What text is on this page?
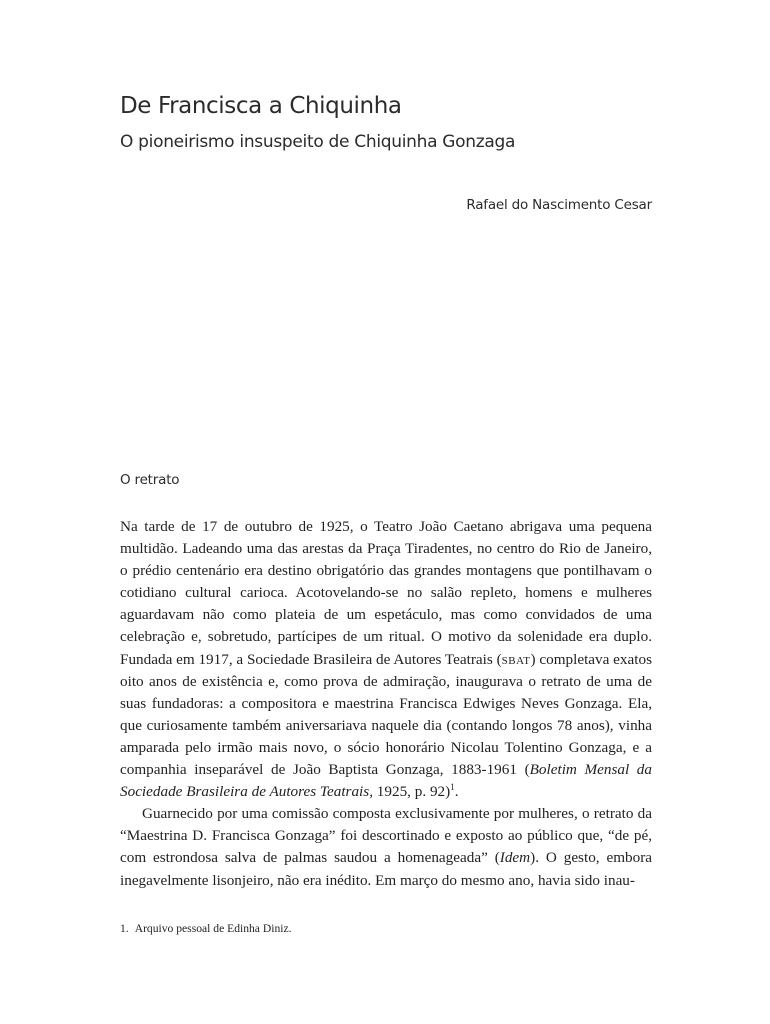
De Francisca a Chiquinha
O pioneirismo insuspeito de Chiquinha Gonzaga
Rafael do Nascimento Cesar
O retrato

Na tarde de 17 de outubro de 1925, o Teatro João Caetano abrigava uma pequena multidão. Ladeando uma das arestas da Praça Tiradentes, no centro do Rio de Janeiro, o prédio centenário era destino obrigatório das grandes montagens que pontilhavam o cotidiano cultural carioca. Acotovelando-se no salão repleto, homens e mulheres aguardavam não como plateia de um espetáculo, mas como convidados de uma celebração e, sobretudo, partícipes de um ritual. O motivo da solenidade era duplo. Fundada em 1917, a Sociedade Brasileira de Autores Teatrais (sbat) completava exatos oito anos de existência e, como prova de admiração, inaugurava o retrato de uma de suas fundadoras: a compositora e maestrina Francisca Edwiges Neves Gonzaga. Ela, que curiosamente também aniversariava naquele dia (contando longos 78 anos), vinha amparada pelo irmão mais novo, o sócio honorário Nicolau Tolentino Gonzaga, e a companhia inseparável de João Baptista Gonzaga, 1883-1961 (Boletim Mensal da Sociedade Brasileira de Autores Teatrais, 1925, p. 92)$^1$.

Guarnecido por uma comissão composta exclusivamente por mulheres, o retrato da “Maestrina D. Francisca Gonzaga” foi descortinado e exposto ao público que, “de pé, com estrondosa salva de palmas saudou a homenageada” (Idem). O gesto, embora inegavelmente lisonjeiro, não era inédito. Em março do mesmo ano, havia sido inau-

1. Arquivo pessoal de Edinha Diniz.
